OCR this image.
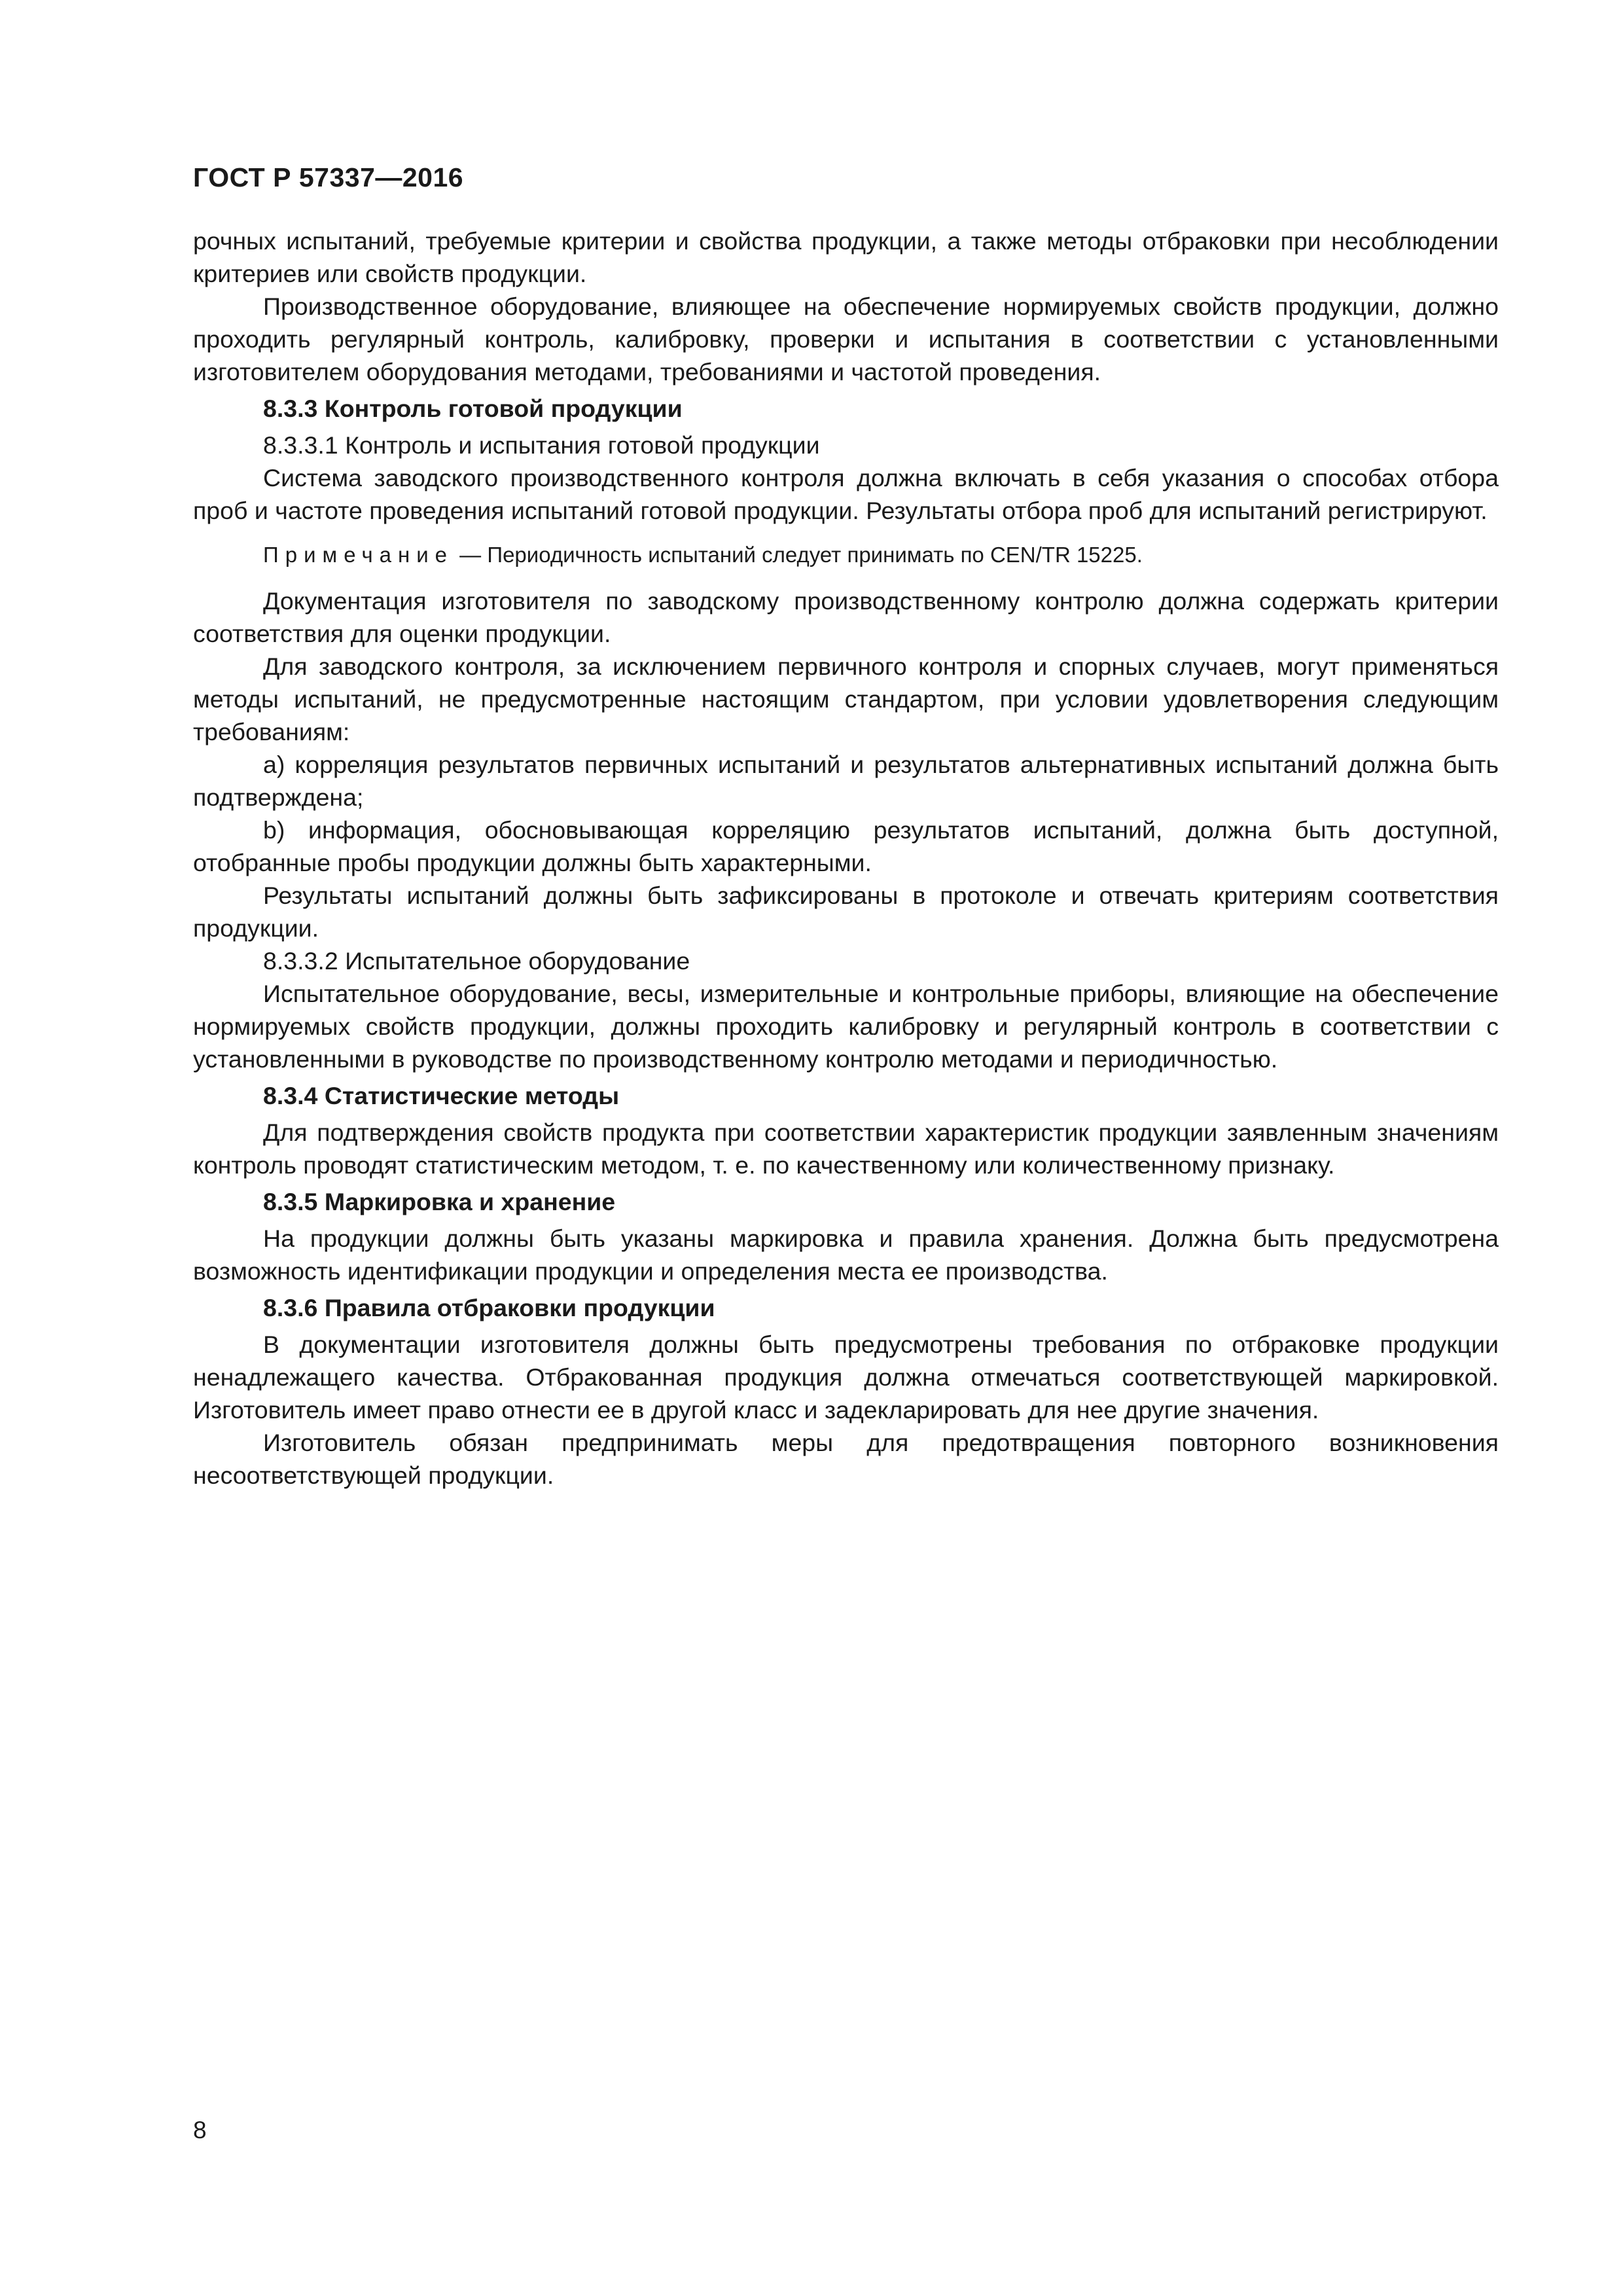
ГОСТ Р 57337—2016

рочных испытаний, требуемые критерии и свойства продукции, а также методы отбраковки при несоблюдении критериев или свойств продукции.

Производственное оборудование, влияющее на обеспечение нормируемых свойств продукции, должно проходить регулярный контроль, калибровку, проверки и испытания в соответствии с установленными изготовителем оборудования методами, требованиями и частотой проведения.

8.3.3 Контроль готовой продукции

8.3.3.1 Контроль и испытания готовой продукции

Система заводского производственного контроля должна включать в себя указания о способах отбора проб и частоте проведения испытаний готовой продукции. Результаты отбора проб для испытаний регистрируют.

Примечание — Периодичность испытаний следует принимать по CEN/TR 15225.

Документация изготовителя по заводскому производственному контролю должна содержать критерии соответствия для оценки продукции.

Для заводского контроля, за исключением первичного контроля и спорных случаев, могут применяться методы испытаний, не предусмотренные настоящим стандартом, при условии удовлетворения следующим требованиям:

а) корреляция результатов первичных испытаний и результатов альтернативных испытаний должна быть подтверждена;

b) информация, обосновывающая корреляцию результатов испытаний, должна быть доступной, отобранные пробы продукции должны быть характерными.

Результаты испытаний должны быть зафиксированы в протоколе и отвечать критериям соответствия продукции.

8.3.3.2 Испытательное оборудование

Испытательное оборудование, весы, измерительные и контрольные приборы, влияющие на обеспечение нормируемых свойств продукции, должны проходить калибровку и регулярный контроль в соответствии с установленными в руководстве по производственному контролю методами и периодичностью.

8.3.4 Статистические методы

Для подтверждения свойств продукта при соответствии характеристик продукции заявленным значениям контроль проводят статистическим методом, т. е. по качественному или количественному признаку.

8.3.5 Маркировка и хранение

На продукции должны быть указаны маркировка и правила хранения. Должна быть предусмотрена возможность идентификации продукции и определения места ее производства.

8.3.6 Правила отбраковки продукции

В документации изготовителя должны быть предусмотрены требования по отбраковке продукции ненадлежащего качества. Отбракованная продукция должна отмечаться соответствующей маркировкой. Изготовитель имеет право отнести ее в другой класс и задекларировать для нее другие значения.

Изготовитель обязан предпринимать меры для предотвращения повторного возникновения несоответствующей продукции.

8
